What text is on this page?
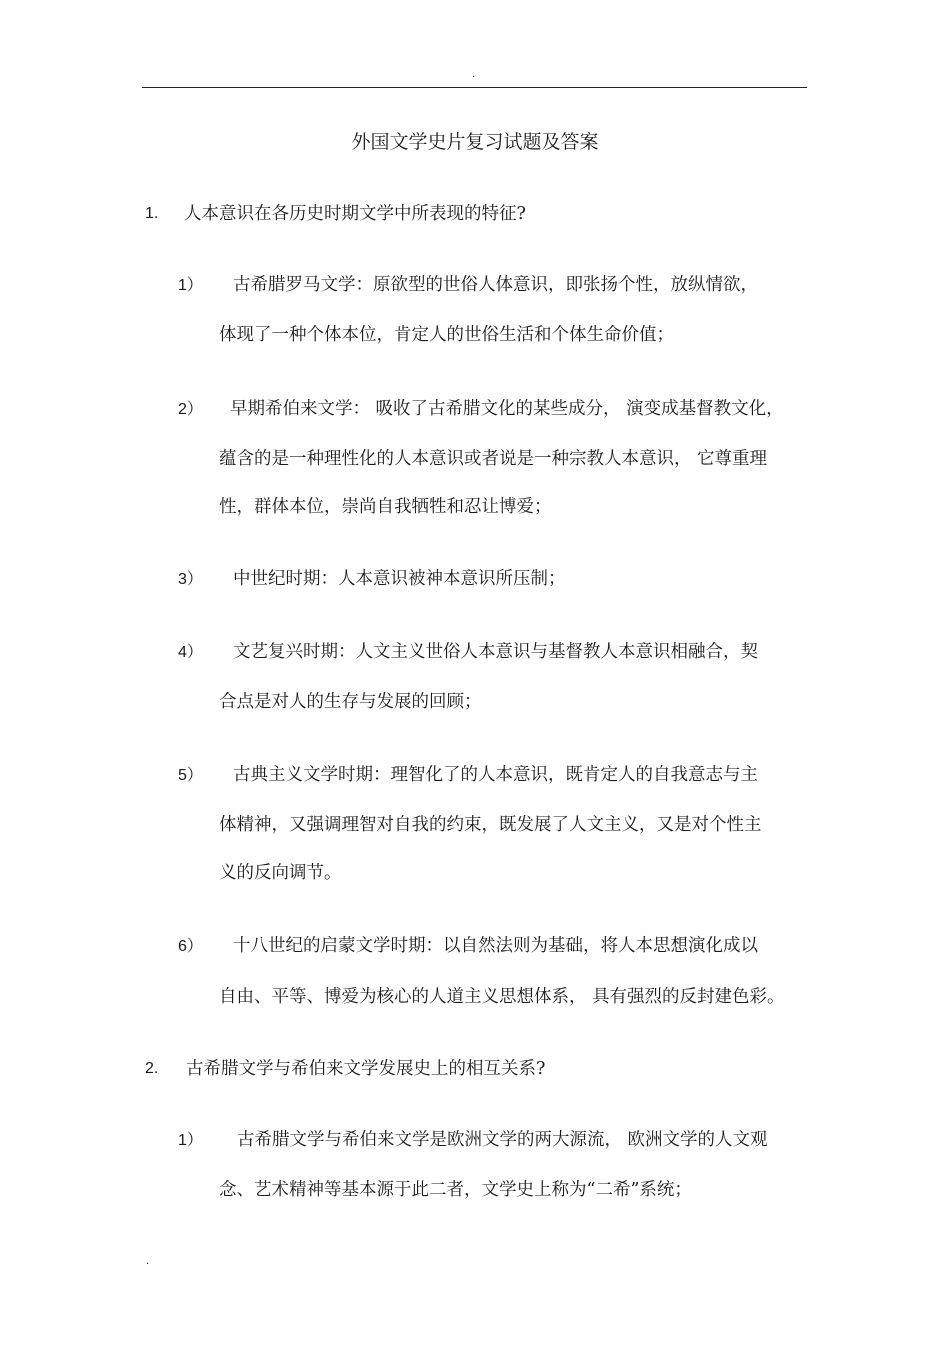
.
外国文学史片复习试题及答案
1. 人本意识在各历史时期文学中所表现的特征?
1） 古希腊罗马文学：原欲型的世俗人体意识，即张扬个性，放纵情欲，
体现了一种个体本位，肯定人的世俗生活和个体生命价值；
2） 早期希伯来文学： 吸收了古希腊文化的某些成分， 演变成基督教文化，
蕴含的是一种理性化的人本意识或者说是一种宗教人本意识， 它尊重理
性，群体本位，崇尚自我牺牲和忍让博爱；
3） 中世纪时期：人本意识被神本意识所压制；
4） 文艺复兴时期：人文主义世俗人本意识与基督教人本意识相融合，契
合点是对人的生存与发展的回顾；
5） 古典主义文学时期：理智化了的人本意识，既肯定人的自我意志与主
体精神，又强调理智对自我的约束，既发展了人文主义，又是对个性主
义的反向调节。
6） 十八世纪的启蒙文学时期：以自然法则为基础，将人本思想演化成以
自由、平等、博爱为核心的人道主义思想体系， 具有强烈的反封建色彩。
2. 古希腊文学与希伯来文学发展史上的相互关系?
1） 古希腊文学与希伯来文学是欧洲文学的两大源流， 欧洲文学的人文观
念、艺术精神等基本源于此二者，文学史上称为“二希”系统；
.
